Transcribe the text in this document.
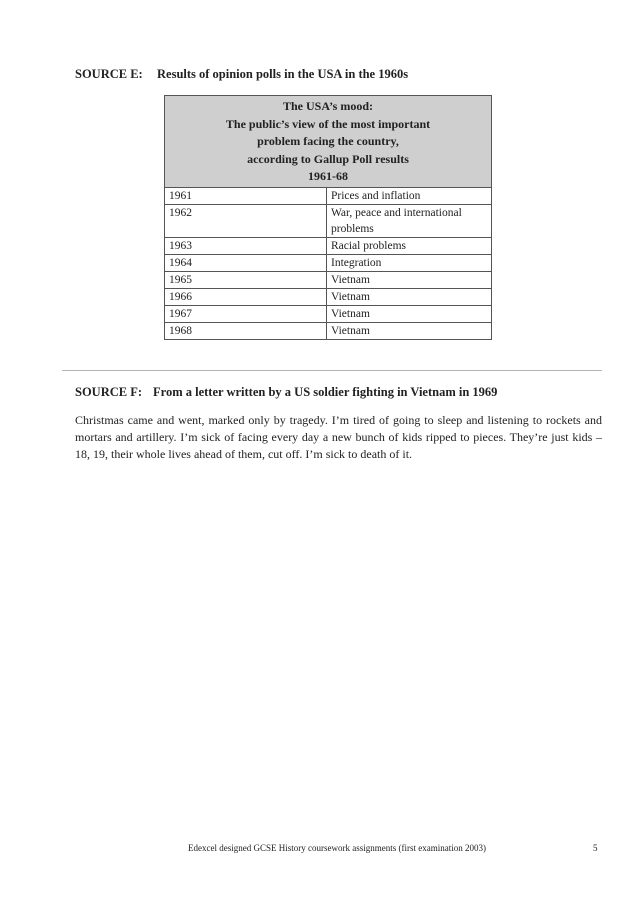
SOURCE E: Results of opinion polls in the USA in the 1960s
The USA’s mood:
The public’s view of the most important
problem facing the country,
according to Gallup Poll results
1961-68	

1961	Prices and inflation
1962	War, peace and international problems
1963	Racial problems
1964	Integration
1965	Vietnam
1966	Vietnam
1967	Vietnam
1968	Vietnam
SOURCE F: From a letter written by a US soldier fighting in Vietnam in 1969

Christmas came and went, marked only by tragedy. I’m tired of going to sleep and listening to rockets and mortars and artillery. I’m sick of facing every day a new bunch of kids ripped to pieces. They’re just kids – 18, 19, their whole lives ahead of them, cut off. I’m sick to death of it.

Edexcel designed GCSE History coursework assignments (first examination 2003)	5
